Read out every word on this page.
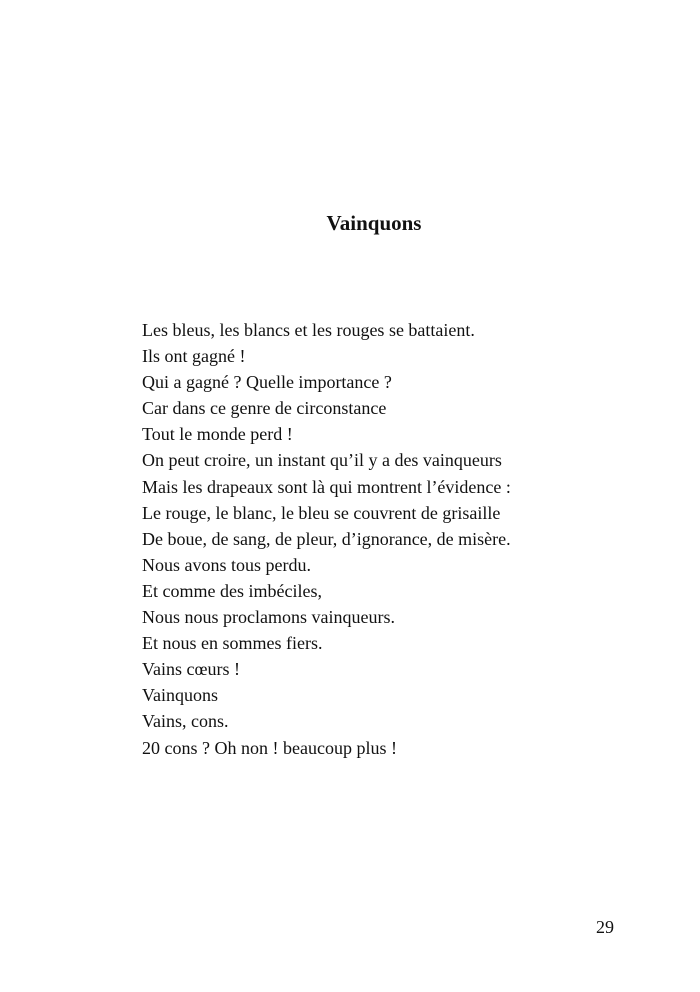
Vainquons

Les bleus, les blancs et les rouges se battaient.

Ils ont gagné !

Qui a gagné ? Quelle importance ?

Car dans ce genre de circonstance

Tout le monde perd !

On peut croire, un instant qu’il y a des vainqueurs

Mais les drapeaux sont là qui montrent l’évidence :

Le rouge, le blanc, le bleu se couvrent de grisaille

De boue, de sang, de pleur, d’ignorance, de misère.

Nous avons tous perdu.

Et comme des imbéciles,

Nous nous proclamons vainqueurs.

Et nous en sommes fiers.

Vains cœurs !

Vainquons

Vains, cons.

20 cons ? Oh non ! beaucoup plus !

29
